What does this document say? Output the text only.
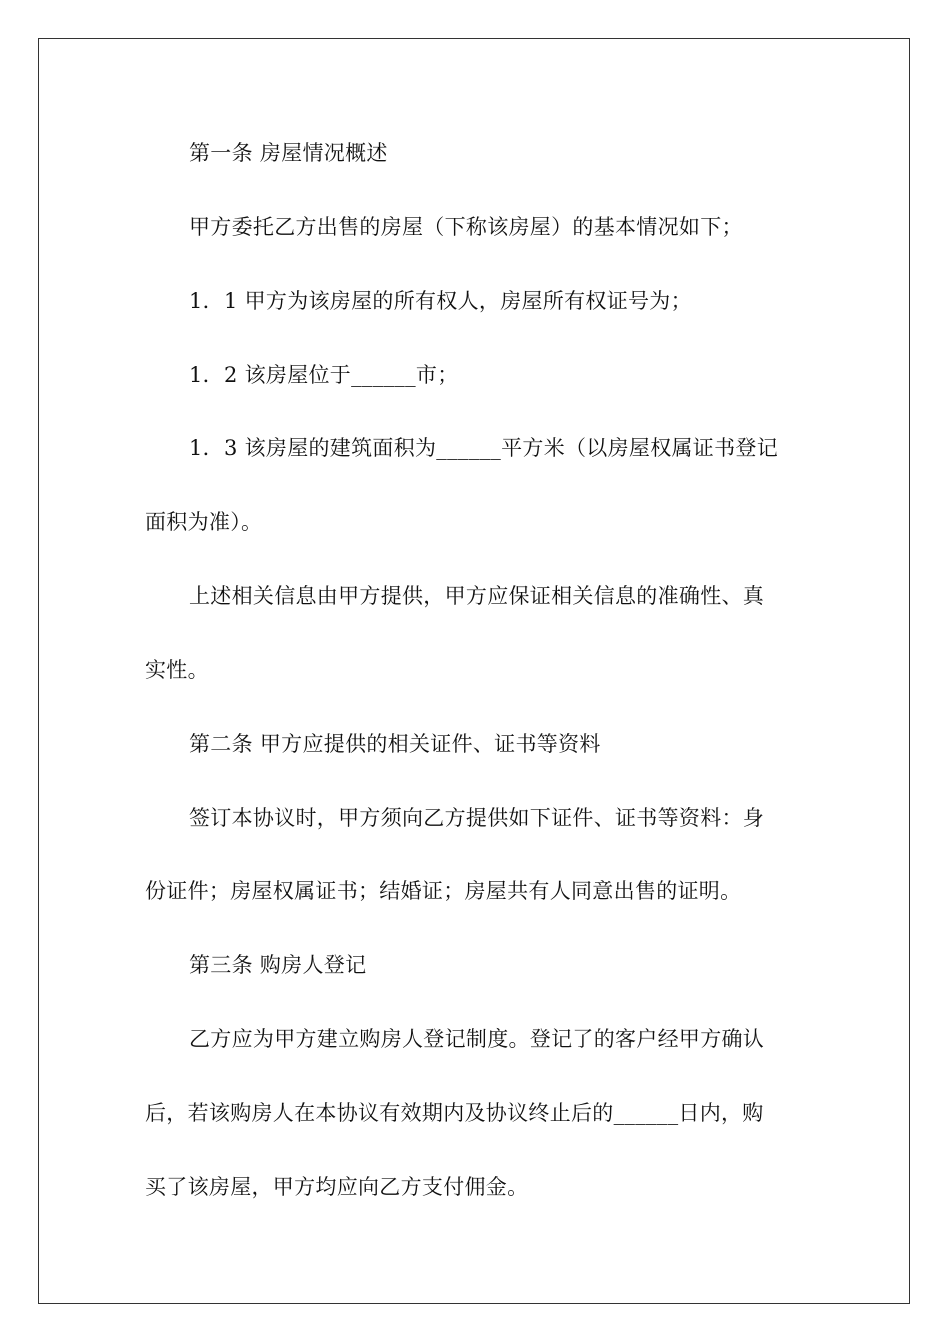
第一条 房屋情况概述
甲方委托乙方出售的房屋（下称该房屋）的基本情况如下；
1．1 甲方为该房屋的所有权人，房屋所有权证号为；
1．2 该房屋位于______市；
1．3 该房屋的建筑面积为______平方米（以房屋权属证书登记
面积为准）。
上述相关信息由甲方提供，甲方应保证相关信息的准确性、真
实性。
第二条 甲方应提供的相关证件、证书等资料
签订本协议时，甲方须向乙方提供如下证件、证书等资料：身
份证件；房屋权属证书；结婚证；房屋共有人同意出售的证明。
第三条 购房人登记
乙方应为甲方建立购房人登记制度。登记了的客户经甲方确认
后，若该购房人在本协议有效期内及协议终止后的______日内，购
买了该房屋，甲方均应向乙方支付佣金。
